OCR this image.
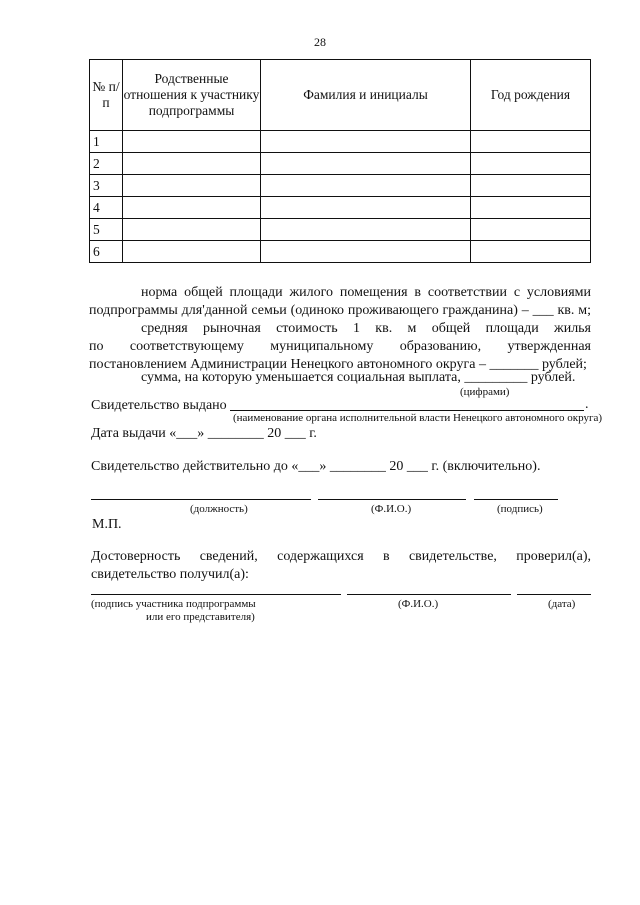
28
№ п/п	Родственные отношения к участнику подпрограммы	Фамилия и инициалы	Год рождения
1			
2			
3			
4			
5			
6			
норма общей площади жилого помещения в соответствии с условиями
подпрограммы для'данной семьи (одиноко проживающего гражданина) – ___ кв. м;
средняя рыночная стоимость 1 кв. м общей площади жилья
по соответствующему муниципальному образованию, утвержденная
постановлением Администрации Ненецкого автономного округа – _______ рублей;
сумма, на которую уменьшается социальная выплата, _________ рублей.
(цифрами)
Свидетельство выдано	.
(наименование органа исполнительной власти Ненецкого автономного округа)
Дата выдачи «___» ________ 20 ___ г.
Свидетельство действительно до «___» ________ 20 ___ г. (включительно).
(должность)	(Ф.И.О.)	(подпись)
М.П.
Достоверность сведений, содержащихся в свидетельстве, проверил(а),
свидетельство получил(а):
(подпись участника подпрограммы
или его представителя)
(Ф.И.О.)	(дата)
